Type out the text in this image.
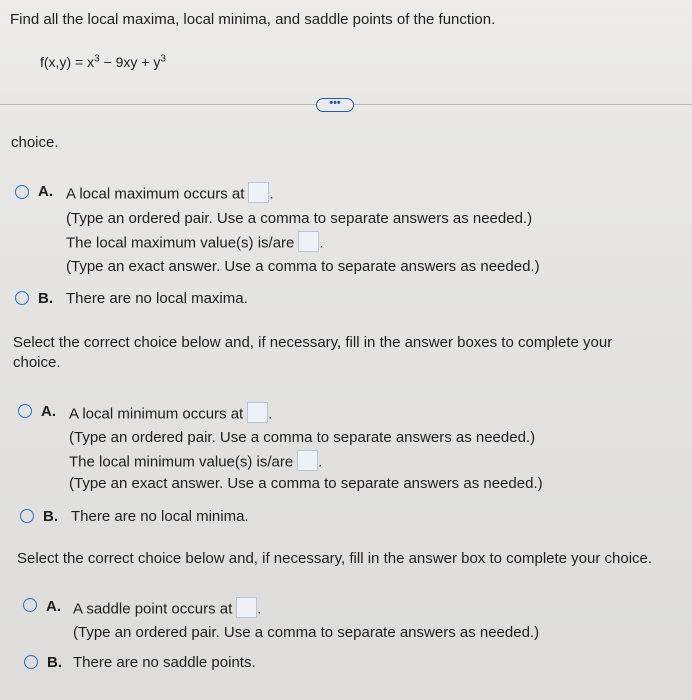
Find all the local maxima, local minima, and saddle points of the function.
$f(x,y) = x^3 - 9xy + y^3$
•••
choice.
A. A local maximum occurs at .
(Type an ordered pair. Use a comma to separate answers as needed.)
The local maximum value(s) is/are .
(Type an exact answer. Use a comma to separate answers as needed.)
B. There are no local maxima.
Select the correct choice below and, if necessary, fill in the answer boxes to complete your
choice.
A. A local minimum occurs at .
(Type an ordered pair. Use a comma to separate answers as needed.)
The local minimum value(s) is/are .
(Type an exact answer. Use a comma to separate answers as needed.)
B. There are no local minima.
Select the correct choice below and, if necessary, fill in the answer box to complete your choice.
A. A saddle point occurs at .
(Type an ordered pair. Use a comma to separate answers as needed.)
B. There are no saddle points.
